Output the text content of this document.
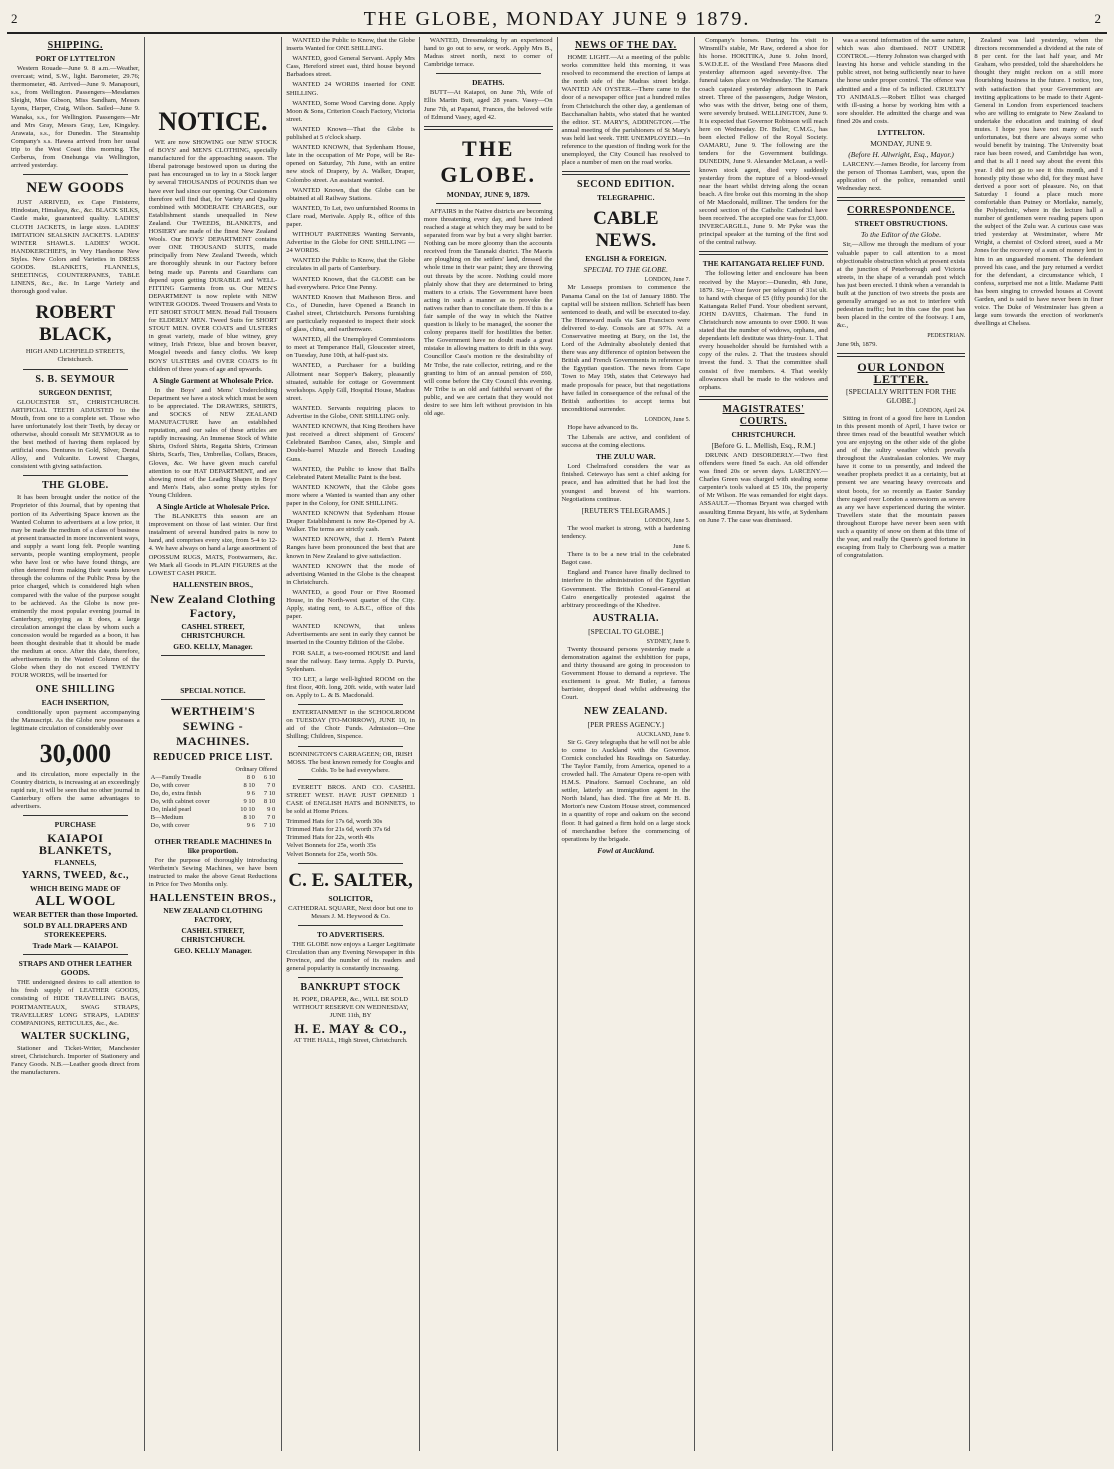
2	THE GLOBE, MONDAY JUNE 9 1879.	2
SHIPPING.
PORT OF LYTTELTON

Western Rouade—June 9. 8 a.m.—Weather, overcast; wind, S.W., light. Barometer, 29.76; thermometer, 48. Arrived—June 9. Manapouri, s.s., from Wellington. Passengers—Mesdames Sleight, Miss Gibson, Miss Sandham, Messrs Lyons, Harper, Craig, Wilson. Sailed—June 9. Wanaka, s.s., for Wellington. Passengers—Mr and Mrs Gray, Messrs Gray, Lee, Kingsley. Arawata, s.s., for Dunedin. The Steamship Company's s.s. Hawea arrived from her usual trip to the West Coast this morning. The Cerberus, from Onehunga via Wellington, arrived yesterday.

NEW GOODS

JUST ARRIVED, ex Cape Finisterre, Hindostan, Himalaya, &c., &c. BLACK SILKS, Castle make, guaranteed quality. LADIES' CLOTH JACKETS, in large sizes. LADIES' IMITATION SEALSKIN JACKETS. LADIES' WINTER SHAWLS. LADIES' WOOL HANDKERCHIEFS, in Very Handsome New Styles. New Colors and Varieties in DRESS GOODS. BLANKETS, FLANNELS, SHEETINGS, COUNTERPANES, TABLE LINENS, &c., &c. In Large Variety and thorough good value.

ROBERT BLACK,

HIGH AND LICHFIELD STREETS, Christchurch.

S. B. SEYMOUR
SURGEON DENTIST,

GLOUCESTER ST., CHRISTCHURCH. ARTIFICIAL TEETH ADJUSTED to the Mouth, from one to a complete set. Those who have unfortunately lost their Teeth, by decay or otherwise, should consult Mr SEYMOUR as to the best method of having them replaced by artificial ones. Dentures in Gold, Silver, Dental Alloy, and Vulcanite. Lowest Charges, consistent with giving satisfaction.

THE GLOBE.

It has been brought under the notice of the Proprietor of this Journal, that by opening that portion of its Advertising Space known as the Wanted Column to advertisers at a low price, it may be made the medium of a class of business at present transacted in more inconvenient ways, and supply a want long felt. People wanting servants, people wanting employment, people who have lost or who have found things, are often deterred from making their wants known through the columns of the Public Press by the price charged, which is considered high when compared with the value of the purpose sought to be achieved. As the Globe is now pre-eminently the most popular evening journal in Canterbury, enjoying as it does, a large circulation amongst the class by whom such a concession would be regarded as a boon, it has been thought desirable that it should be made the medium at once. After this date, therefore, advertisements in the Wanted Column of the Globe when they do not exceed TWENTY FOUR WORDS, will be inserted for

ONE SHILLING
EACH INSERTION,

conditionally upon payment accompanying the Manuscript. As the Globe now possesses a legitimate circulation of considerably over

30,000

and its circulation, more especially in the Country districts, is increasing at an exceedingly rapid rate, it will be seen that no other journal in Canterbury offers the same advantages to advertisers.

PURCHASE
KAIAPOI BLANKETS,
FLANNELS,
YARNS, TWEED, &c.,
WHICH BEING MADE OF
ALL WOOL
WEAR BETTER than those Imported.
SOLD BY ALL DRAPERS AND STOREKEEPERS.
Trade Mark — KAIAPOI.
STRAPS AND OTHER LEATHER GOODS.

THE undersigned desires to call attention to his fresh supply of LEATHER GOODS, consisting of HIDE TRAVELLING BAGS, PORTMANTEAUX, SWAG STRAPS, TRAVELLERS' LONG STRAPS, LADIES' COMPANIONS, RETICULES, &c., &c.

WALTER SUCKLING,

Stationer and Ticket-Writer, Manchester street, Christchurch. Importer of Stationery and Fancy Goods. N.B.—Leather goods direct from the manufacturers.

NOTICE.

WE are now SHOWING our NEW STOCK of BOYS' and MEN'S CLOTHING, specially manufactured for the approaching season. The liberal patronage bestowed upon us during the past has encouraged us to lay in a Stock larger by several THOUSANDS of POUNDS than we have ever had since our opening. Our Customers therefore will find that, for Variety and Quality combined with MODERATE CHARGES, our Establishment stands unequalled in New Zealand. Our TWEEDS, BLANKETS, and HOSIERY are made of the finest New Zealand Wools. Our BOYS' DEPARTMENT contains over ONE THOUSAND SUITS, made principally from New Zealand Tweeds, which are thoroughly shrunk in our Factory before being made up. Parents and Guardians can depend upon getting DURABLE and WELL-FITTING Garments from us. Our MEN'S DEPARTMENT is now replete with NEW WINTER GOODS. Tweed Trousers and Vests to FIT SHORT STOUT MEN. Broad Fall Trousers for ELDERLY MEN. Tweed Suits for SHORT STOUT MEN. OVER COATS and ULSTERS in great variety, made of blue witney, grey witney, Irish Frieze, blue and brown beaver, Mosgiel tweeds and fancy cloths. We keep BOYS' ULSTERS and OVER COATS to fit children of three years of age and upwards.

A Single Garment at Wholesale Price.

In the Boys' and Mens' Underclothing Department we have a stock which must be seen to be appreciated. The DRAWERS, SHIRTS, and SOCKS of NEW ZEALAND MANUFACTURE have an established reputation, and our sales of these articles are rapidly increasing. An Immense Stock of White Shirts, Oxford Shirts, Regatta Shirts, Crimean Shirts, Scarfs, Ties, Umbrellas, Collars, Braces, Gloves, &c. We have given much careful attention to our HAT DEPARTMENT, and are showing most of the Leading Shapes in Boys' and Men's Hats, also some pretty styles for Young Children.

A Single Article at Wholesale Price.

The BLANKETS this season are an improvement on those of last winter. Our first instalment of several hundred pairs is now to hand, and comprises every size, from 5-4 to 12-4. We have always on hand a large assortment of OPOSSUM RUGS, MATS, Footwarmers, &c. We Mark all Goods in PLAIN FIGURES at the LOWEST CASH PRICE.

HALLENSTEIN BROS.,
New Zealand Clothing Factory,
CASHEL STREET, CHRISTCHURCH.
GEO. KELLY, Manager.
SPECIAL NOTICE.
WERTHEIM'S SEWING - MACHINES.
REDUCED PRICE LIST.
Ordinary Offered
A—Family Treadle	8 0	6 10
Do, with cover	8 10	7 0
Do, do, extra finish	9 6	7 10
Do, with cabinet cover	9 10	8 10
Do, inlaid pearl	10 10	9 0
B—Medium	8 10	7 0
Do, with cover	9 6	7 10
OTHER TREADLE MACHINES In like proportion.

For the purpose of thoroughly introducing Wertheim's Sewing Machines, we have been instructed to make the above Great Reductions in Price for Two Months only.

HALLENSTEIN BROS.,
NEW ZEALAND CLOTHING FACTORY,
CASHEL STREET, CHRISTCHURCH.
GEO. KELLY Manager.

WANTED the Public to Know, that the Globe inserts Wanted for ONE SHILLING.

WANTED, good General Servant. Apply Mrs Cass, Hereford street east, third house beyond Barbadoes street.

WANTED 24 WORDS inserted for ONE SHILLING.

WANTED, Some Wood Carving done. Apply Moon & Sons, Criterion Coach Factory, Victoria street.

WANTED Known—That the Globe is published at 5 o'clock sharp.

WANTED KNOWN, that Sydenham House, late in the occupation of Mr Pope, will be Re-opened on Saturday, 7th June, with an entire new stock of Drapery, by A. Walker, Draper, Colombo street. An assistant wanted.

WANTED Known, that the Globe can be obtained at all Railway Stations.

WANTED, To Let, two unfurnished Rooms in Clare road, Merivale. Apply R., office of this paper.

WITHOUT PARTNERS Wanting Servants, Advertise in the Globe for ONE SHILLING — 24 WORDS.

WANTED the Public to Know, that the Globe circulates in all parts of Canterbury.

WANTED Known, that the GLOBE can be had everywhere. Price One Penny.

WANTED Known that Matheson Bros. and Co., of Dunedin, have Opened a Branch in Cashel street, Christchurch. Persons furnishing are particularly requested to inspect their stock of glass, china, and earthenware.

WANTED, all the Unemployed Commissions to meet at Temperance Hall, Gloucester street, on Tuesday, June 10th, at half-past six.

WANTED, a Purchaser for a building Allotment near Sopper's Bakery, pleasantly situated, suitable for cottage or Government workshops. Apply Gill, Hospital House, Madras street.

WANTED. Servants requiring places to Advertise in the Globe, ONE SHILLING only.

WANTED KNOWN, that King Brothers have just received a direct shipment of Grocers' Celebrated Bamboo Canes, also, Simple and Double-barrel Muzzle and Breech Loading Guns.

WANTED, the Public to know that Ball's Celebrated Patent Metallic Paint is the best.

WANTED KNOWN, that the Globe goes more where a Wanted is wanted than any other paper in the Colony, for ONE SHILLING.

WANTED KNOWN that Sydenham House Draper Establishment is now Re-Opened by A. Walker. The terms are strictly cash.

WANTED KNOWN, that J. Hern's Patent Ranges have been pronounced the best that are known in New Zealand to give satisfaction.

WANTED KNOWN that the mode of advertising Wanted in the Globe is the cheapest in Christchurch.

WANTED, a good Four or Five Roomed House, in the North-west quarter of the City. Apply, stating rent, to A.B.C., office of this paper.

WANTED KNOWN, that unless Advertisements are sent in early they cannot be inserted in the Country Edition of the Globe.

FOR SALE, a two-roomed HOUSE and land near the railway. Easy terms. Apply D. Purvis, Sydenham.

TO LET, a large well-lighted ROOM on the first floor, 40ft. long, 20ft. wide, with water laid on. Apply to L. & B. Macdonald.

ENTERTAINMENT in the SCHOOLROOM on TUESDAY (TO-MORROW), JUNE 10, in aid of the Choir Funds. Admission—One Shilling; Children, Sixpence.

BONNINGTON'S CARRAGEEN; OR, IRISH MOSS. The best known remedy for Coughs and Colds. To be had everywhere.

EVERETT BROS. AND CO. CASHEL STREET WEST. HAVE JUST OPENED 1 CASE of ENGLISH HATS and BONNETS, to be sold at Home Prices.

Trimmed Hats for 17s 6d, worth 30s
Trimmed Hats for 21s 6d, worth 37s 6d
Trimmed Hats for 22s, worth 40s
Velvet Bonnets for 25s, worth 35s
Velvet Bonnets for 25s, worth 50s.
C. E. SALTER,
SOLICITOR,

CATHEDRAL SQUARE, Next door but one to Messrs J. M. Heywood & Co.

TO ADVERTISERS.

THE GLOBE now enjoys a Larger Legitimate Circulation than any Evening Newspaper in this Province, and the number of its readers and general popularity is constantly increasing.

BANKRUPT STOCK

H. POPE, DRAPER, &c., WILL BE SOLD WITHOUT RESERVE ON WEDNESDAY, JUNE 11th, BY

H. E. MAY & CO.,

AT THE HALL, High Street, Christchurch.

WANTED, Dressmaking by an experienced hand to go out to sew, or work. Apply Mrs B., Madras street north, next to corner of Cambridge terrace.

DEATHS.

BUTT—At Kaiapoi, on June 7th, Wife of Ellis Martin Butt, aged 28 years. Vasey—On June 7th, at Papanui, Frances, the beloved wife of Edmund Vasey, aged 42.

THE GLOBE.
MONDAY, JUNE 9, 1879.

AFFAIRS in the Native districts are becoming more threatening every day, and have indeed reached a stage at which they may be said to be separated from war by but a very slight barrier. Nothing can be more gloomy than the accounts received from the Taranaki district. The Maoris are ploughing on the settlers' land, dressed the whole time in their war paint; they are throwing out threats by the score. Nothing could more plainly show that they are determined to bring matters to a crisis. The Government have been acting in such a manner as to provoke the natives rather than to conciliate them. If this is a fair sample of the way in which the Native question is likely to be managed, the sooner the colony prepares itself for hostilities the better. The Government have no doubt made a great mistake in allowing matters to drift in this way. Councillor Cass's motion re the desirability of Mr Tribe, the rate collector, retiring, and re the granting to him of an annual pension of £60, will come before the City Council this evening. Mr Tribe is an old and faithful servant of the public, and we are certain that they would not desire to see him left without provision in his old age.

NEWS OF THE DAY.

HOME LIGHT.—At a meeting of the public works committee held this morning, it was resolved to recommend the erection of lamps at the north side of the Madras street bridge. WANTED AN OYSTER.—There came to the door of a newspaper office just a hundred miles from Christchurch the other day, a gentleman of Bacchanalian habits, who stated that he wanted the editor. ST. MARY'S, ADDINGTON.—The annual meeting of the parishioners of St Mary's was held last week. THE UNEMPLOYED.—In reference to the question of finding work for the unemployed, the City Council has resolved to place a number of men on the road works.

SECOND EDITION.
TELEGRAPHIC.
CABLE NEWS.
ENGLISH & FOREIGN.
SPECIAL TO THE GLOBE.
LONDON, June 7.

Mr Lesseps promises to commence the Panama Canal on the 1st of January 1880. The capital will be sixteen million. Schrieff has been sentenced to death, and will be executed to-day. The Homeward mails via San Francisco were delivered to-day. Consols are at 97⅞. At a Conservative meeting at Bury, on the 1st, the Lord of the Admiralty absolutely denied that there was any difference of opinion between the British and French Governments in reference to the Egyptian question. The news from Cape Town to May 19th, states that Cetewayo had made proposals for peace, but that negotiations have failed in consequence of the refusal of the British authorities to accept terms but unconditional surrender.

LONDON, June 5.

Hope have advanced to 8s.

The Liberals are active, and confident of success at the coming elections.

THE ZULU WAR.

Lord Chelmsford considers the war as finished. Cetewayo has sent a chief asking for peace, and has admitted that he had lost the youngest and bravest of his warriors. Negotiations continue.

[REUTER'S TELEGRAMS.]
LONDON, June 5.

The wool market is strong, with a hardening tendency.

June 6.

There is to be a new trial in the celebrated Bagot case.

England and France have finally declined to interfere in the administration of the Egyptian Government. The British Consul-General at Cairo energetically protested against the arbitrary proceedings of the Khedive.

AUSTRALIA.
[SPECIAL TO GLOBE.]
SYDNEY, June 9.

Twenty thousand persons yesterday made a demonstration against the exhibition for pups, and thirty thousand are going in procession to Government House to demand a reprieve. The excitement is great. Mr Butler, a famous barrister, dropped dead whilst addressing the Court.

NEW ZEALAND.
[PER PRESS AGENCY.]
AUCKLAND, June 9.

Sir G. Grey telegraphs that he will not be able to come to Auckland with the Governor. Cornick concluded his Readings on Saturday. The Taylor Family, from America, opened to a crowded hall. The Amateur Opera re-open with H.M.S. Pinafore. Samuel Cochrane, an old settler, latterly an immigration agent in the North Island, has died. The fire at Mr H. B. Morton's new Custom House street, commenced in a quantity of rope and oakum on the second floor. It had gained a firm hold on a large stock of merchandise before the commencing of operations by the brigade.

Fowl at Auckland.

Company's horses. During his visit to Winsmill's stable, Mr Raw, ordered a shoe for his horse. HOKITIKA, June 9. John Inord, S.W.D.E.E. of the Westland Free Masons died yesterday afternoon aged seventy-five. The funeral takes place on Wednesday. The Kamara coach capsized yesterday afternoon in Park street. Three of the passengers, Judge Weston, who was with the driver, being one of them, were severely bruised. WELLINGTON, June 9. It is expected that Governor Robinson will reach here on Wednesday. Dr. Buller, C.M.G., has been elected Fellow of the Royal Society. OAMARU, June 9. The following are the tenders for the Government buildings. DUNEDIN, June 9. Alexander McLean, a well-known stock agent, died very suddenly yesterday from the rupture of a blood-vessel near the heart whilst driving along the ocean beach. A fire broke out this morning in the shop of Mr Macdonald, milliner. The tenders for the second section of the Catholic Cathedral have been received. The accepted one was for £3,000. INVERCARGILL, June 9. Mr Pyke was the principal speaker at the turning of the first sod of the central railway.

THE KAITANGATA RELIEF FUND.

The following letter and enclosure has been received by the Mayor:—Dunedin, 4th June, 1879. Sir,—Your favor per telegram of 31st ult. to hand with cheque of £5 (fifty pounds) for the Kaitangata Relief Fund. Your obedient servant, JOHN DAVIES, Chairman. The fund in Christchurch now amounts to over £900. It was stated that the number of widows, orphans, and dependants left destitute was thirty-four. 1. That every householder should be furnished with a copy of the rules. 2. That the trustees should invest the fund. 3. That the committee shall consist of five members. 4. That weekly allowances shall be made to the widows and orphans.

MAGISTRATES' COURTS.
CHRISTCHURCH.
[Before G. L. Mellish, Esq., R.M.]

DRUNK AND DISORDERLY.—Two first offenders were fined 5s each. An old offender was fined 20s or seven days. LARCENY.—Charles Green was charged with stealing some carpenter's tools valued at £5 10s, the property of Mr Wilson. He was remanded for eight days. ASSAULT.—Thomas Bryant was charged with assaulting Emma Bryant, his wife, at Sydenham on June 7. The case was dismissed.

was a second information of the same nature, which was also dismissed. NOT UNDER CONTROL.—Henry Johnston was charged with leaving his horse and vehicle standing in the public street, not being sufficiently near to have the horse under proper control. The offence was admitted and a fine of 5s inflicted. CRUELTY TO ANIMALS.—Robert Elliot was charged with ill-using a horse by working him with a sore shoulder. He admitted the charge and was fined 20s and costs.

LYTTELTON.
MONDAY, JUNE 9.
(Before H. Allwright, Esq., Mayor.)

LARCENY.—James Brodie, for larceny from the person of Thomas Lambert, was, upon the application of the police, remanded until Wednesday next.

CORRESPONDENCE.
STREET OBSTRUCTIONS.
To the Editor of the Globe.

Sir,—Allow me through the medium of your valuable paper to call attention to a most objectionable obstruction which at present exists at the junction of Peterborough and Victoria streets, in the shape of a verandah post which has just been erected. I think when a verandah is built at the junction of two streets the posts are generally arranged so as not to interfere with pedestrian traffic; but in this case the post has been placed in the centre of the footway. I am, &c.,

PEDESTRIAN.
June 9th, 1879.
OUR LONDON LETTER.
[SPECIALLY WRITTEN FOR THE GLOBE.]
LONDON, April 24.

Sitting in front of a good fire here in London in this present month of April, I have twice or three times read of the beautiful weather which you are enjoying on the other side of the globe and of the sultry weather which prevails throughout the Australasian colonies. We may have it come to us presently, and indeed the weather prophets predict it as a certainty, but at present we are wearing heavy overcoats and stout boots, for so recently as Easter Sunday there raged over London a snowstorm as severe as any we have experienced during the winter. Travellers state that the mountain passes throughout Europe have never been seen with such a quantity of snow on them at this time of the year, and really the Queen's good fortune in escaping from Italy to Cherbourg was a matter of congratulation.

Zealand was laid yesterday, when the directors recommended a dividend at the rate of 8 per cent. for the last half year, and Mr Graham, who presided, told the shareholders he thought they might reckon on a still more flourishing business in the future. I notice, too, with satisfaction that your Government are inviting applications to be made to their Agent-General in London from experienced teachers who are willing to emigrate to New Zealand to undertake the education and training of deaf mutes. I hope you have not many of such unfortunates, but there are always some who would benefit by training. The University boat race has been rowed, and Cambridge has won, and that is all I need say about the event this year. I did not go to see it this month, and I honestly pity those who did, for they must have derived a poor sort of pleasure. No, on that Saturday I found a place much more comfortable than Putney or Mortlake, namely, the Polytechnic, where in the lecture hall a number of gentlemen were reading papers upon the subject of the Zulu war. A curious case was tried yesterday at Westminster, where Mr Wright, a chemist of Oxford street, sued a Mr Jones for the recovery of a sum of money lent to him in an unguarded moment. The defendant proved his case, and the jury returned a verdict for the defendant, a circumstance which, I confess, surprised me not a little. Madame Patti has been singing to crowded houses at Covent Garden, and is said to have never been in finer voice. The Duke of Westminster has given a large sum towards the erection of workmen's dwellings at Chelsea.
